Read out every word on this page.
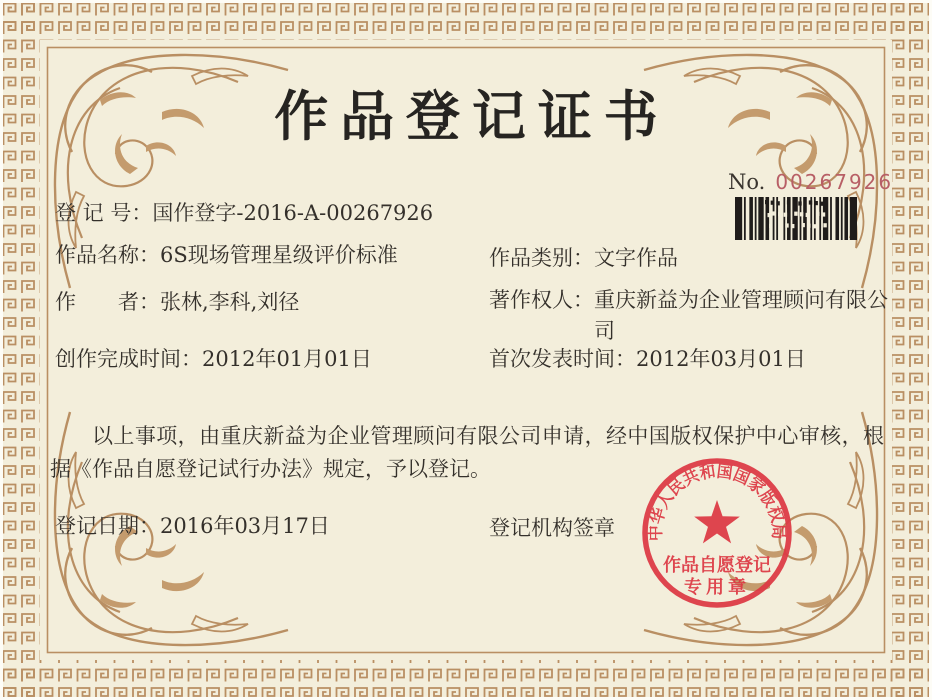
作品登记证书
No. 00267926
登 记 号： 国作登字-2016-A-00267926
作品名称： 6S现场管理星级评价标准	作品类别： 文字作品
作　　者： 张林,李科,刘径	著作权人： 重庆新益为企业管理顾问有限公司
创作完成时间： 2012年01月01日	首次发表时间： 2012年03月01日
以上事项，由重庆新益为企业管理顾问有限公司申请，经中国版权保护中心审核，根据《作品自愿登记试行办法》规定，予以登记。
登记日期： 2016年03月17日	登记机构签章 中华人民共和国国家版权局
作品自愿登记
专用章
